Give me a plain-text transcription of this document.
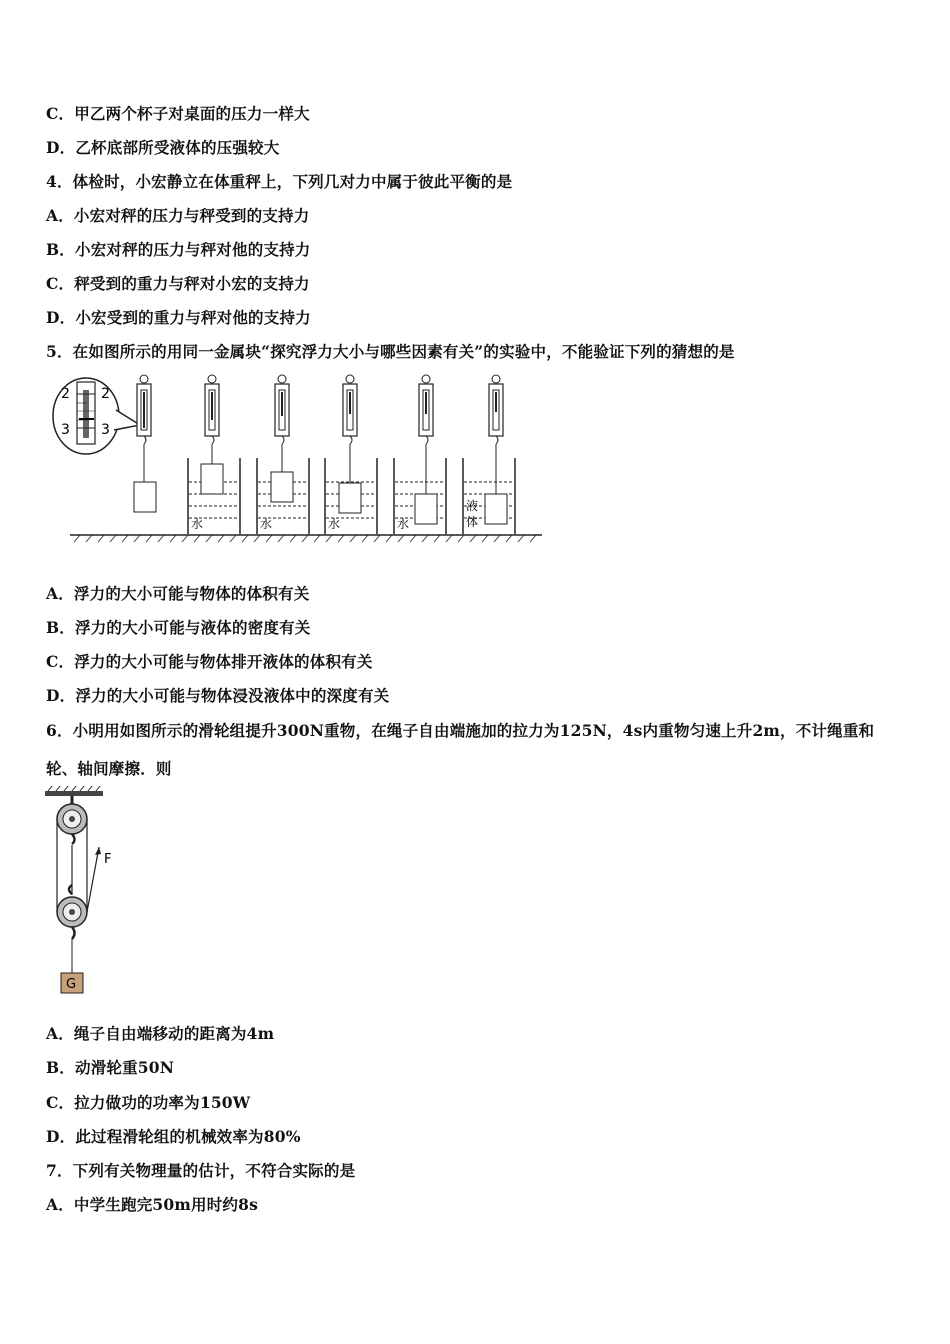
C．甲乙两个杯子对桌面的压力一样大
D．乙杯底部所受液体的压强较大
4．体检时，小宏静立在体重秤上，下列几对力中属于彼此平衡的是
A．小宏对秤的压力与秤受到的支持力
B．小宏对秤的压力与秤对他的支持力
C．秤受到的重力与秤对小宏的支持力
D．小宏受到的重力与秤对他的支持力
5．在如图所示的用同一金属块“探究浮力大小与哪些因素有关”的实验中，不能验证下列的猜想的是
2 2
3 3
水	水	水	水
液
体
A．浮力的大小可能与物体的体积有关
B．浮力的大小可能与液体的密度有关
C．浮力的大小可能与物体排开液体的体积有关
D．浮力的大小可能与物体浸没液体中的深度有关
6．小明用如图所示的滑轮组提升300N重物，在绳子自由端施加的拉力为125N，4s内重物匀速上升2m，不计绳重和
轮、轴间摩擦．则
F
G
A．绳子自由端移动的距离为4m
B．动滑轮重50N
C．拉力做功的功率为150W
D．此过程滑轮组的机械效率为80%
7．下列有关物理量的估计，不符合实际的是
A．中学生跑完50m用时约8s
